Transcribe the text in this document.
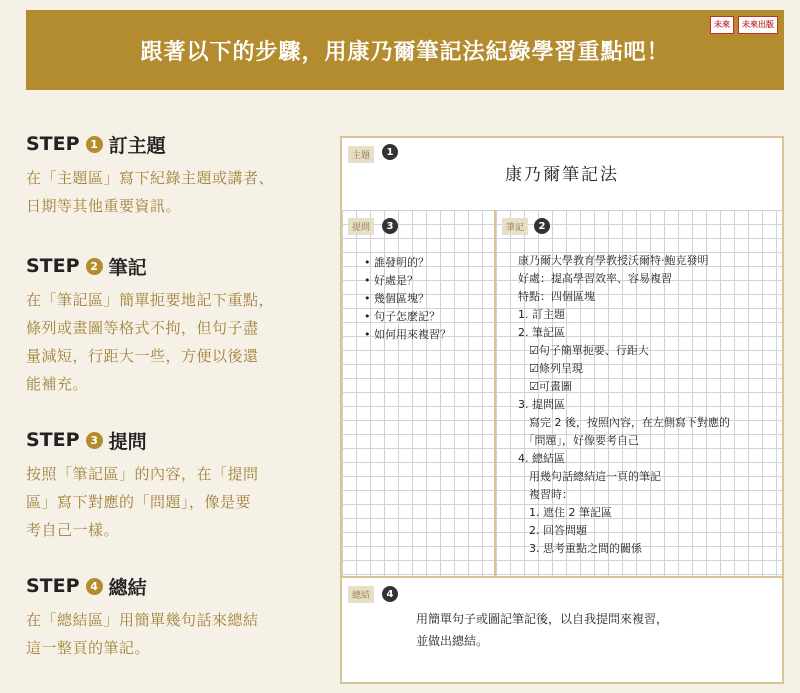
跟著以下的步驟，用康乃爾筆記法紀錄學習重點吧！
未來	未來出版
STEP 1 訂主題
在「主題區」寫下紀錄主題或講者、
日期等其他重要資訊。
STEP 2 筆記
在「筆記區」簡單扼要地記下重點，
條列或畫圖等格式不拘，但句子盡
量減短，行距大一些，方便以後還
能補充。
STEP 3 提問
按照「筆記區」的內容，在「提問
區」寫下對應的「問題」，像是要
考自己一樣。
STEP 4 總結
在「總結區」用簡單幾句話來總結
這一整頁的筆記。
主題	1
康乃爾筆記法
提問	3
• 誰發明的？
• 好處是？
• 幾個區塊？
• 句子怎麼記？
• 如何用來複習？
筆記	2
康乃爾大學教育學教授沃爾特·鮑克發明
好處：提高學習效率、容易複習
特點：四個區塊
1. 訂主題
2. 筆記區
　☑句子簡單扼要、行距大
　☑條列呈現
　☑可畫圖
3. 提問區
　寫完 2 後，按照內容，在左側寫下對應的
　「問題」，好像要考自己
4. 總結區
　用幾句話總結這一頁的筆記
　複習時：
　1. 遮住 2 筆記區
　2. 回答問題
　3. 思考重點之間的關係
總結	4
用簡單句子或圖記筆記後，以自我提問來複習，
並做出總結。
